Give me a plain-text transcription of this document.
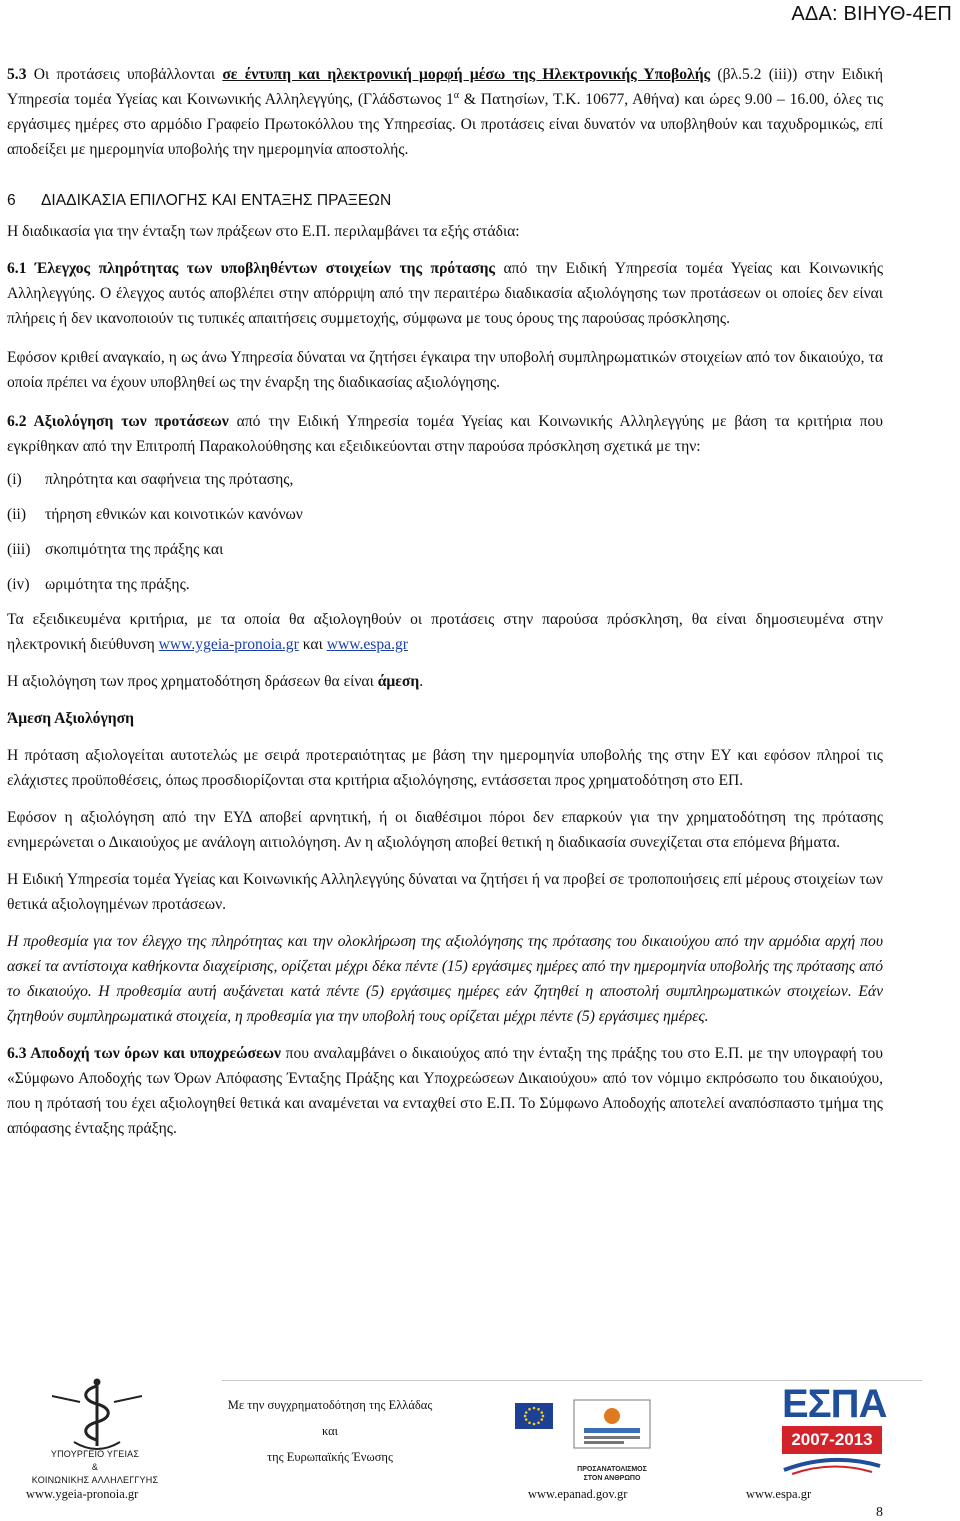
ΑΔΑ: ΒΙΗΥΘ-4ΕΠ

5.3 Οι προτάσεις υποβάλλονται σε έντυπη και ηλεκτρονική μορφή μέσω της Ηλεκτρονικής Υποβολής (βλ.5.2 (iii)) στην Ειδική Υπηρεσία τομέα Υγείας και Κοινωνικής Αλληλεγγύης, (Γλάδστωνος $1^\alpha$ & Πατησίων, Τ.Κ. 10677, Αθήνα) και ώρες 9.00 – 16.00, όλες τις εργάσιμες ημέρες στο αρμόδιο Γραφείο Πρωτοκόλλου της Υπηρεσίας. Οι προτάσεις είναι δυνατόν να υποβληθούν και ταχυδρομικώς, επί αποδείξει με ημερομηνία υποβολής την ημερομηνία αποστολής.

6 ΔΙΑΔΙΚΑΣΙΑ ΕΠΙΛΟΓΗΣ ΚΑΙ ΕΝΤΑΞΗΣ ΠΡΑΞΕΩΝ

Η διαδικασία για την ένταξη των πράξεων στο Ε.Π. περιλαμβάνει τα εξής στάδια:

6.1 Έλεγχος πληρότητας των υποβληθέντων στοιχείων της πρότασης από την Ειδική Υπηρεσία τομέα Υγείας και Κοινωνικής Αλληλεγγύης. Ο έλεγχος αυτός αποβλέπει στην απόρριψη από την περαιτέρω διαδικασία αξιολόγησης των προτάσεων οι οποίες δεν είναι πλήρεις ή δεν ικανοποιούν τις τυπικές απαιτήσεις συμμετοχής, σύμφωνα με τους όρους της παρούσας πρόσκλησης.

Εφόσον κριθεί αναγκαίο, η ως άνω Υπηρεσία δύναται να ζητήσει έγκαιρα την υποβολή συμπληρωματικών στοιχείων από τον δικαιούχο, τα οποία πρέπει να έχουν υποβληθεί ως την έναρξη της διαδικασίας αξιολόγησης.

6.2 Αξιολόγηση των προτάσεων από την Ειδική Υπηρεσία τομέα Υγείας και Κοινωνικής Αλληλεγγύης με βάση τα κριτήρια που εγκρίθηκαν από την Επιτροπή Παρακολούθησης και εξειδικεύονται στην παρούσα πρόσκληση σχετικά με την:

(i)	πληρότητα και σαφήνεια της πρότασης,
(ii)	τήρηση εθνικών και κοινοτικών κανόνων
(iii) σκοπιμότητα της πράξης και
(iv) ωριμότητα της πράξης.

Τα εξειδικευμένα κριτήρια, με τα οποία θα αξιολογηθούν οι προτάσεις στην παρούσα πρόσκληση, θα είναι δημοσιευμένα στην ηλεκτρονική διεύθυνση www.ygeia-pronoia.gr και www.espa.gr

Η αξιολόγηση των προς χρηματοδότηση δράσεων θα είναι άμεση.

Άμεση Αξιολόγηση

Η πρόταση αξιολογείται αυτοτελώς με σειρά προτεραιότητας με βάση την ημερομηνία υποβολής της στην ΕΥ και εφόσον πληροί τις ελάχιστες προϋποθέσεις, όπως προσδιορίζονται στα κριτήρια αξιολόγησης, εντάσσεται προς χρηματοδότηση στο ΕΠ.

Εφόσον η αξιολόγηση από την ΕΥΔ αποβεί αρνητική, ή οι διαθέσιμοι πόροι δεν επαρκούν για την χρηματοδότηση της πρότασης ενημερώνεται ο Δικαιούχος με ανάλογη αιτιολόγηση. Αν η αξιολόγηση αποβεί θετική η διαδικασία συνεχίζεται στα επόμενα βήματα.

Η Ειδική Υπηρεσία τομέα Υγείας και Κοινωνικής Αλληλεγγύης δύναται να ζητήσει ή να προβεί σε τροποποιήσεις επί μέρους στοιχείων των θετικά αξιολογημένων προτάσεων.

Η προθεσμία για τον έλεγχο της πληρότητας και την ολοκλήρωση της αξιολόγησης της πρότασης του δικαιούχου από την αρμόδια αρχή που ασκεί τα αντίστοιχα καθήκοντα διαχείρισης, ορίζεται μέχρι δέκα πέντε (15) εργάσιμες ημέρες από την ημερομηνία υποβολής της πρότασης από το δικαιούχο. Η προθεσμία αυτή αυξάνεται κατά πέντε (5) εργάσιμες ημέρες εάν ζητηθεί η αποστολή συμπληρωματικών στοιχείων. Εάν ζητηθούν συμπληρωματικά στοιχεία, η προθεσμία για την υποβολή τους ορίζεται μέχρι πέντε (5) εργάσιμες ημέρες.

6.3 Αποδοχή των όρων και υποχρεώσεων που αναλαμβάνει ο δικαιούχος από την ένταξη της πράξης του στο Ε.Π. με την υπογραφή του «Σύμφωνο Αποδοχής των Όρων Απόφασης Ένταξης Πράξης και Υποχρεώσεων Δικαιούχου» από τον νόμιμο εκπρόσωπο του δικαιούχου, που η πρότασή του έχει αξιολογηθεί θετικά και αναμένεται να ενταχθεί στο Ε.Π. Το Σύμφωνο Αποδοχής αποτελεί αναπόσπαστο τμήμα της απόφασης ένταξης πράξης.

ΥΠΟΥΡΓΕΙΟ ΥΓΕΙΑΣ
&
ΚΟΙΝΩΝΙΚΗΣ ΑΛΛΗΛΕΓΓΥΗΣ
Με την συγχρηματοδότηση της Ελλάδας
και
της Ευρωπαϊκής Ένωσης
ΠΡΟΣΑΝΑΤΟΛΙΣΜΟΣ ΣΤΟΝ ΑΝΘΡΩΠΟ
ΕΣΠΑ
2007-2013
www.ygeia-pronoia.gr	www.epanad.gov.gr	www.espa.gr
8
